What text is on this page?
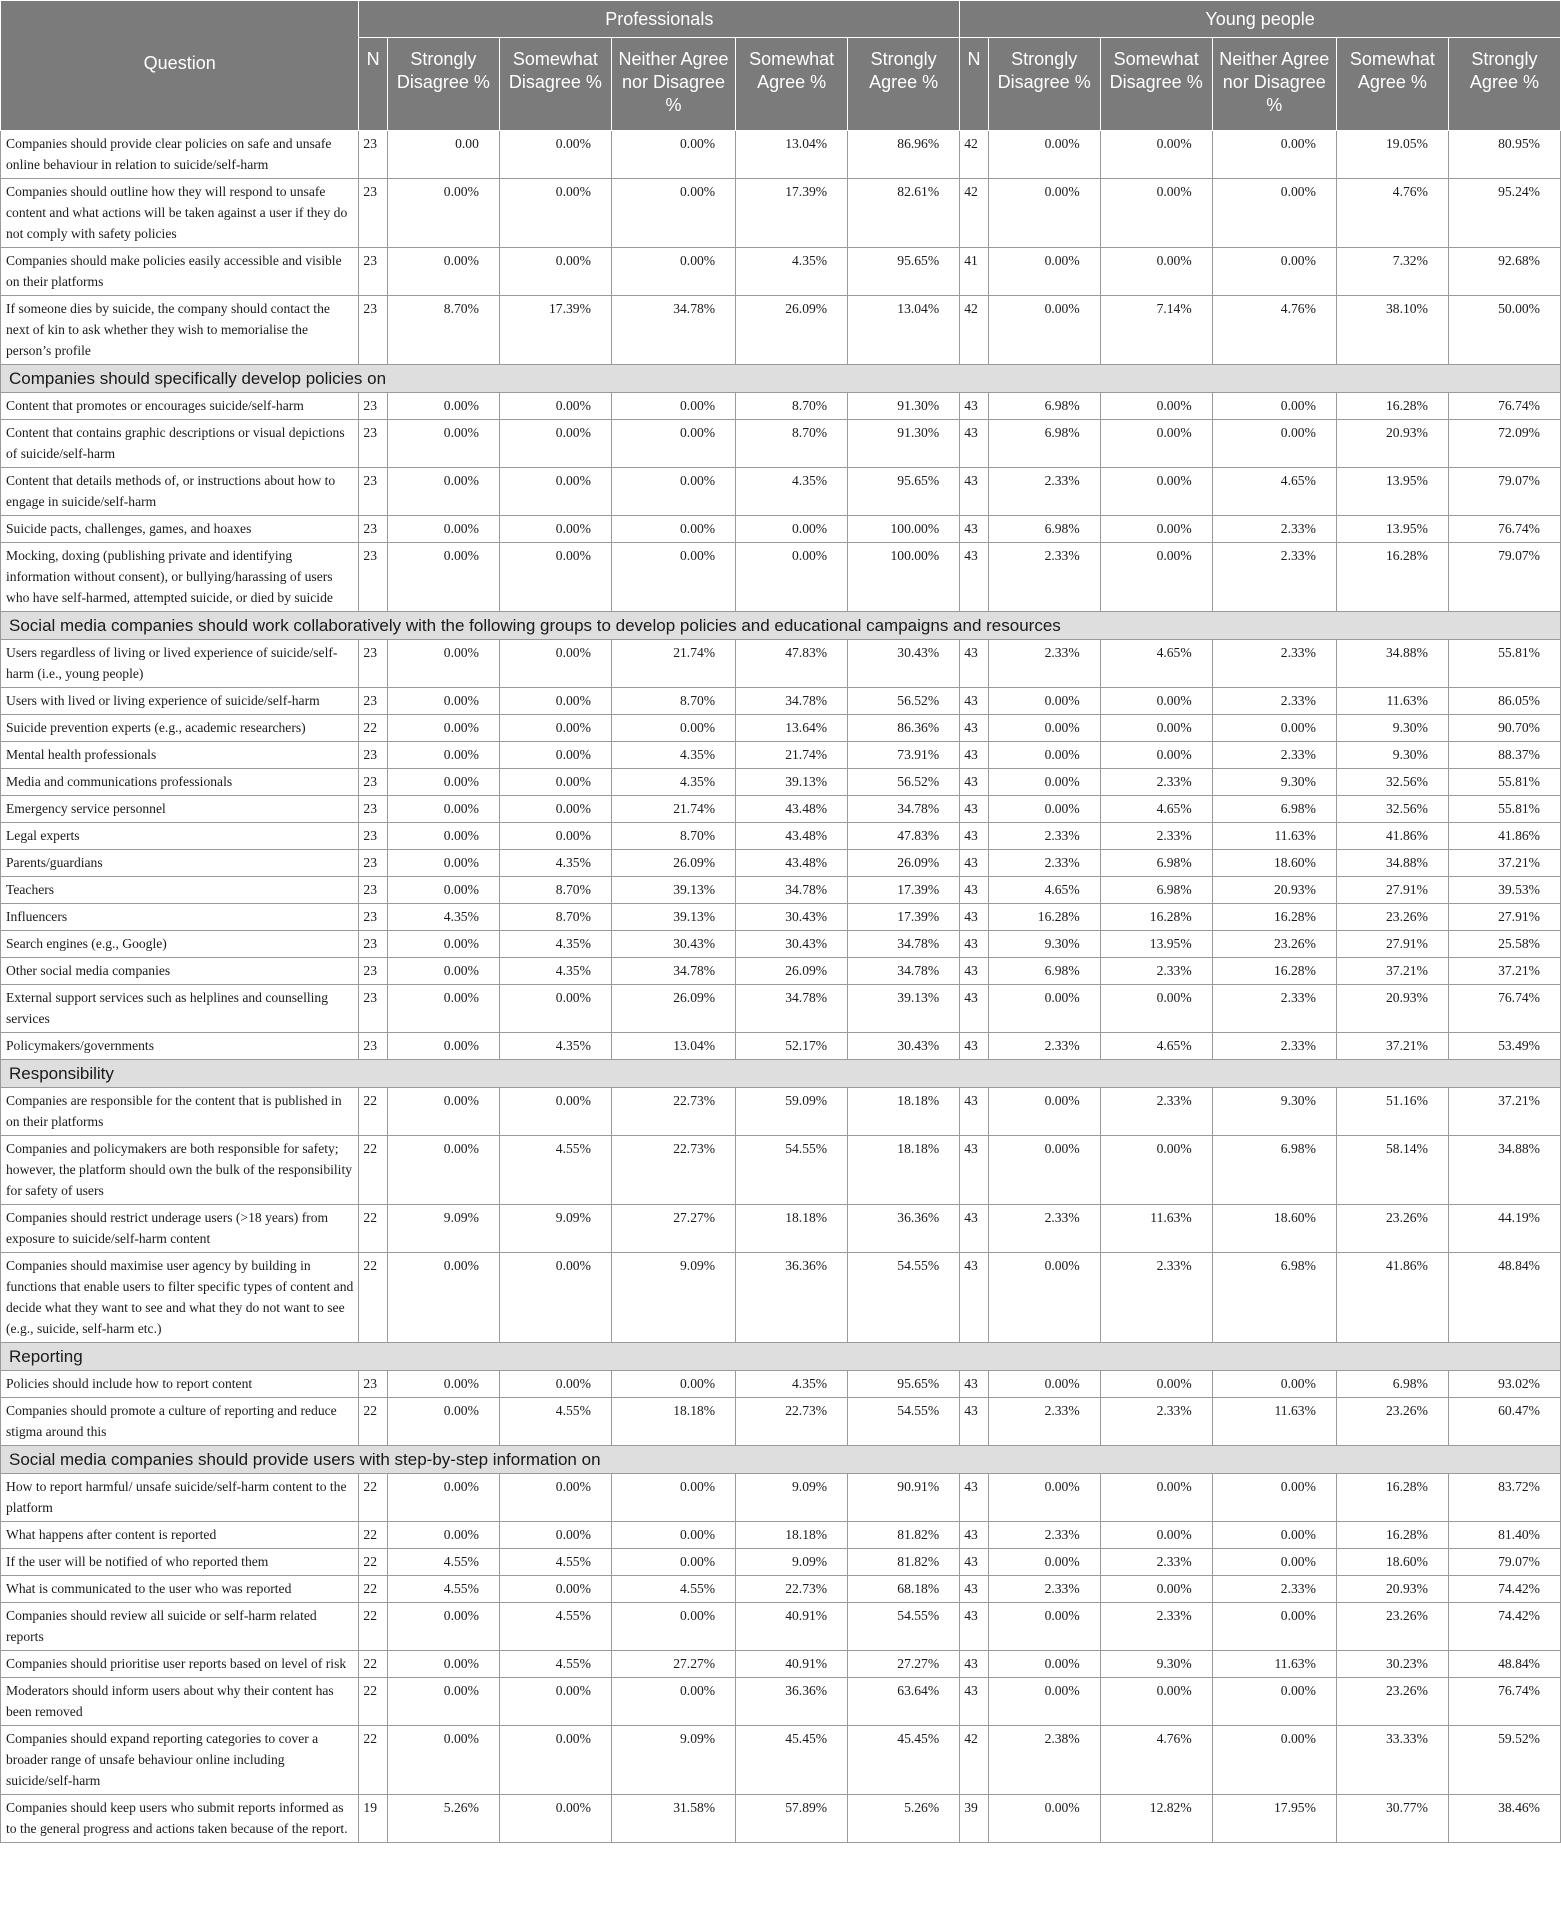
Question	Professionals						Young people					
	N	Strongly Disagree %	Somewhat Disagree %	Neither Agree nor Disagree %	Somewhat Agree %	Strongly Agree %	N	Strongly Disagree %	Somewhat Disagree %	Neither Agree nor Disagree %	Somewhat Agree %	Strongly Agree %
Companies should provide clear policies on safe and unsafe online behaviour in relation to suicide/self-harm	23	0.00	0.00%	0.00%	13.04%	86.96%	42	0.00%	0.00%	0.00%	19.05%	80.95%
Companies should outline how they will respond to unsafe content and what actions will be taken against a user if they do not comply with safety policies	23	0.00%	0.00%	0.00%	17.39%	82.61%	42	0.00%	0.00%	0.00%	4.76%	95.24%
Companies should make policies easily accessible and visible on their platforms	23	0.00%	0.00%	0.00%	4.35%	95.65%	41	0.00%	0.00%	0.00%	7.32%	92.68%
If someone dies by suicide, the company should contact the next of kin to ask whether they wish to memorialise the person’s profile	23	8.70%	17.39%	34.78%	26.09%	13.04%	42	0.00%	7.14%	4.76%	38.10%	50.00%
Companies should specifically develop policies on												
Content that promotes or encourages suicide/self-harm	23	0.00%	0.00%	0.00%	8.70%	91.30%	43	6.98%	0.00%	0.00%	16.28%	76.74%
Content that contains graphic descriptions or visual depictions of suicide/self-harm	23	0.00%	0.00%	0.00%	8.70%	91.30%	43	6.98%	0.00%	0.00%	20.93%	72.09%
Content that details methods of, or instructions about how to engage in suicide/self-harm	23	0.00%	0.00%	0.00%	4.35%	95.65%	43	2.33%	0.00%	4.65%	13.95%	79.07%
Suicide pacts, challenges, games, and hoaxes	23	0.00%	0.00%	0.00%	0.00%	100.00%	43	6.98%	0.00%	2.33%	13.95%	76.74%
Mocking, doxing (publishing private and identifying information without consent), or bullying/harassing of users who have self-harmed, attempted suicide, or died by suicide	23	0.00%	0.00%	0.00%	0.00%	100.00%	43	2.33%	0.00%	2.33%	16.28%	79.07%
Social media companies should work collaboratively with the following groups to develop policies and educational campaigns and resources												
Users regardless of living or lived experience of suicide/self-harm (i.e., young people)	23	0.00%	0.00%	21.74%	47.83%	30.43%	43	2.33%	4.65%	2.33%	34.88%	55.81%
Users with lived or living experience of suicide/self-harm	23	0.00%	0.00%	8.70%	34.78%	56.52%	43	0.00%	0.00%	2.33%	11.63%	86.05%
Suicide prevention experts (e.g., academic researchers)	22	0.00%	0.00%	0.00%	13.64%	86.36%	43	0.00%	0.00%	0.00%	9.30%	90.70%
Mental health professionals	23	0.00%	0.00%	4.35%	21.74%	73.91%	43	0.00%	0.00%	2.33%	9.30%	88.37%
Media and communications professionals	23	0.00%	0.00%	4.35%	39.13%	56.52%	43	0.00%	2.33%	9.30%	32.56%	55.81%
Emergency service personnel	23	0.00%	0.00%	21.74%	43.48%	34.78%	43	0.00%	4.65%	6.98%	32.56%	55.81%
Legal experts	23	0.00%	0.00%	8.70%	43.48%	47.83%	43	2.33%	2.33%	11.63%	41.86%	41.86%
Parents/guardians	23	0.00%	4.35%	26.09%	43.48%	26.09%	43	2.33%	6.98%	18.60%	34.88%	37.21%
Teachers	23	0.00%	8.70%	39.13%	34.78%	17.39%	43	4.65%	6.98%	20.93%	27.91%	39.53%
Influencers	23	4.35%	8.70%	39.13%	30.43%	17.39%	43	16.28%	16.28%	16.28%	23.26%	27.91%
Search engines (e.g., Google)	23	0.00%	4.35%	30.43%	30.43%	34.78%	43	9.30%	13.95%	23.26%	27.91%	25.58%
Other social media companies	23	0.00%	4.35%	34.78%	26.09%	34.78%	43	6.98%	2.33%	16.28%	37.21%	37.21%
External support services such as helplines and counselling services	23	0.00%	0.00%	26.09%	34.78%	39.13%	43	0.00%	0.00%	2.33%	20.93%	76.74%
Policymakers/governments	23	0.00%	4.35%	13.04%	52.17%	30.43%	43	2.33%	4.65%	2.33%	37.21%	53.49%
Responsibility												
Companies are responsible for the content that is published in on their platforms	22	0.00%	0.00%	22.73%	59.09%	18.18%	43	0.00%	2.33%	9.30%	51.16%	37.21%
Companies and policymakers are both responsible for safety; however, the platform should own the bulk of the responsibility for safety of users	22	0.00%	4.55%	22.73%	54.55%	18.18%	43	0.00%	0.00%	6.98%	58.14%	34.88%
Companies should restrict underage users (>18 years) from exposure to suicide/self-harm content	22	9.09%	9.09%	27.27%	18.18%	36.36%	43	2.33%	11.63%	18.60%	23.26%	44.19%
Companies should maximise user agency by building in functions that enable users to filter specific types of content and decide what they want to see and what they do not want to see (e.g., suicide, self-harm etc.)	22	0.00%	0.00%	9.09%	36.36%	54.55%	43	0.00%	2.33%	6.98%	41.86%	48.84%
Reporting												
Policies should include how to report content	23	0.00%	0.00%	0.00%	4.35%	95.65%	43	0.00%	0.00%	0.00%	6.98%	93.02%
Companies should promote a culture of reporting and reduce stigma around this	22	0.00%	4.55%	18.18%	22.73%	54.55%	43	2.33%	2.33%	11.63%	23.26%	60.47%
Social media companies should provide users with step-by-step information on												
How to report harmful/ unsafe suicide/self-harm content to the platform	22	0.00%	0.00%	0.00%	9.09%	90.91%	43	0.00%	0.00%	0.00%	16.28%	83.72%
What happens after content is reported	22	0.00%	0.00%	0.00%	18.18%	81.82%	43	2.33%	0.00%	0.00%	16.28%	81.40%
If the user will be notified of who reported them	22	4.55%	4.55%	0.00%	9.09%	81.82%	43	0.00%	2.33%	0.00%	18.60%	79.07%
What is communicated to the user who was reported	22	4.55%	0.00%	4.55%	22.73%	68.18%	43	2.33%	0.00%	2.33%	20.93%	74.42%
Companies should review all suicide or self-harm related reports	22	0.00%	4.55%	0.00%	40.91%	54.55%	43	0.00%	2.33%	0.00%	23.26%	74.42%
Companies should prioritise user reports based on level of risk	22	0.00%	4.55%	27.27%	40.91%	27.27%	43	0.00%	9.30%	11.63%	30.23%	48.84%
Moderators should inform users about why their content has been removed	22	0.00%	0.00%	0.00%	36.36%	63.64%	43	0.00%	0.00%	0.00%	23.26%	76.74%
Companies should expand reporting categories to cover a broader range of unsafe behaviour online including suicide/self-harm	22	0.00%	0.00%	9.09%	45.45%	45.45%	42	2.38%	4.76%	0.00%	33.33%	59.52%
Companies should keep users who submit reports informed as to the general progress and actions taken because of the report.	19	5.26%	0.00%	31.58%	57.89%	5.26%	39	0.00%	12.82%	17.95%	30.77%	38.46%
